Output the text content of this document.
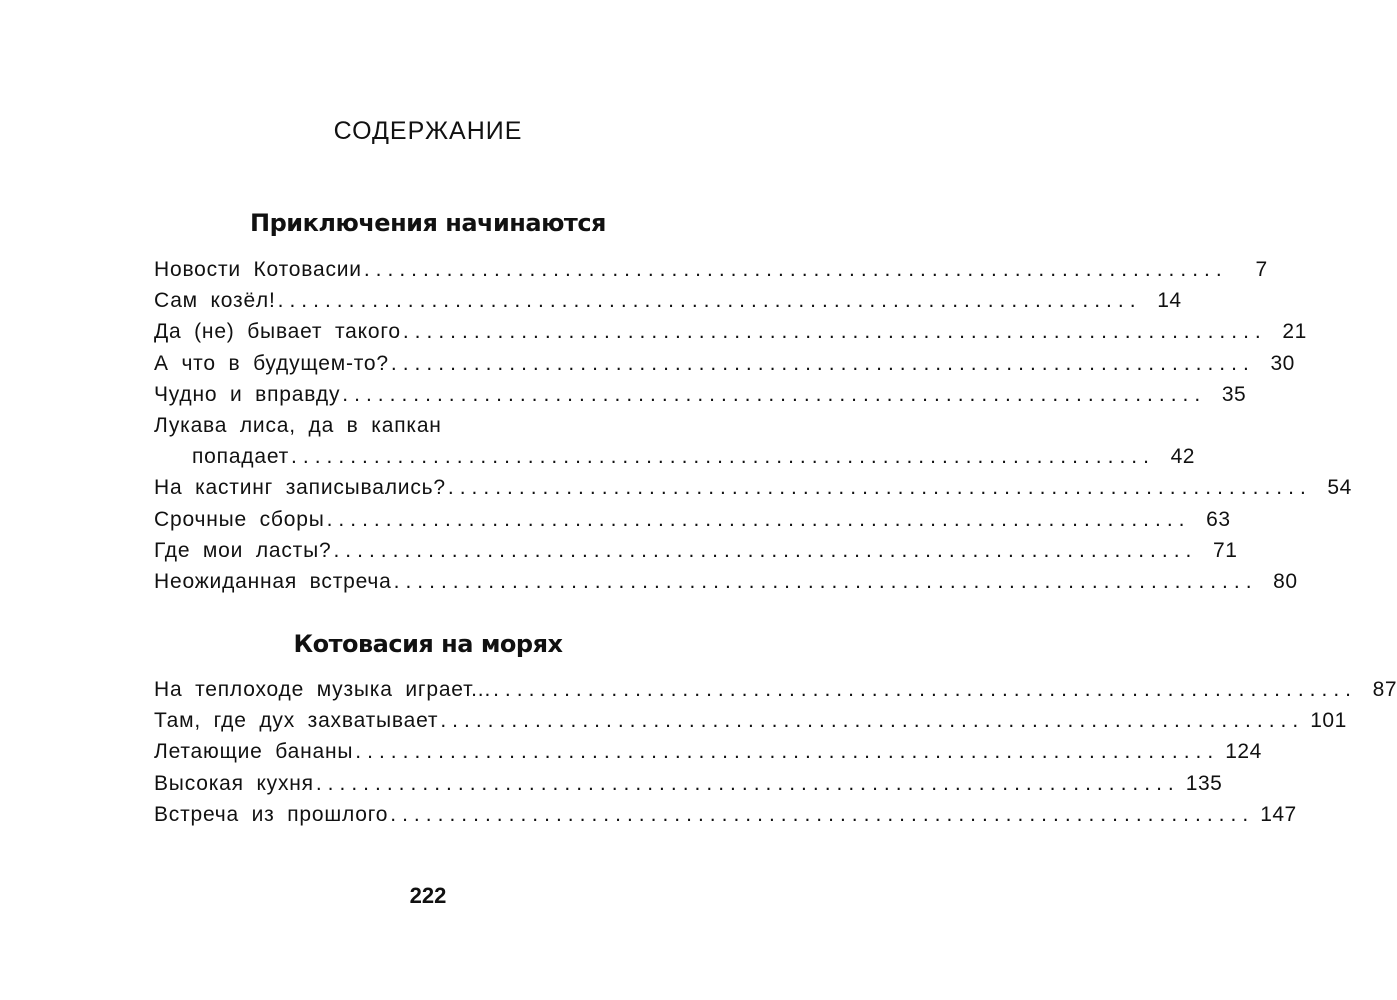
СОДЕРЖАНИЕ
Приключения начинаются
Новости Котовасии .........................................................................	7
Сам козёл! ......................................................................... 14
Да (не) бывает такого ......................................................................... 21
А что в будущем-то? ......................................................................... 30
Чудно и вправду ......................................................................... 35
Лукава лиса, да в капкан
попадает ......................................................................... 42
На кастинг записывались? ......................................................................... 54
Срочные сборы ......................................................................... 63
Где мои ласты? ......................................................................... 71
Неожиданная встреча ......................................................................... 80
Котовасия на морях
На теплоходе музыка играет... ......................................................................... 87
Там, где дух захватывает ......................................................................... 101
Летающие бананы ......................................................................... 124
Высокая кухня ......................................................................... 135
Встреча из прошлого ......................................................................... 147
222
